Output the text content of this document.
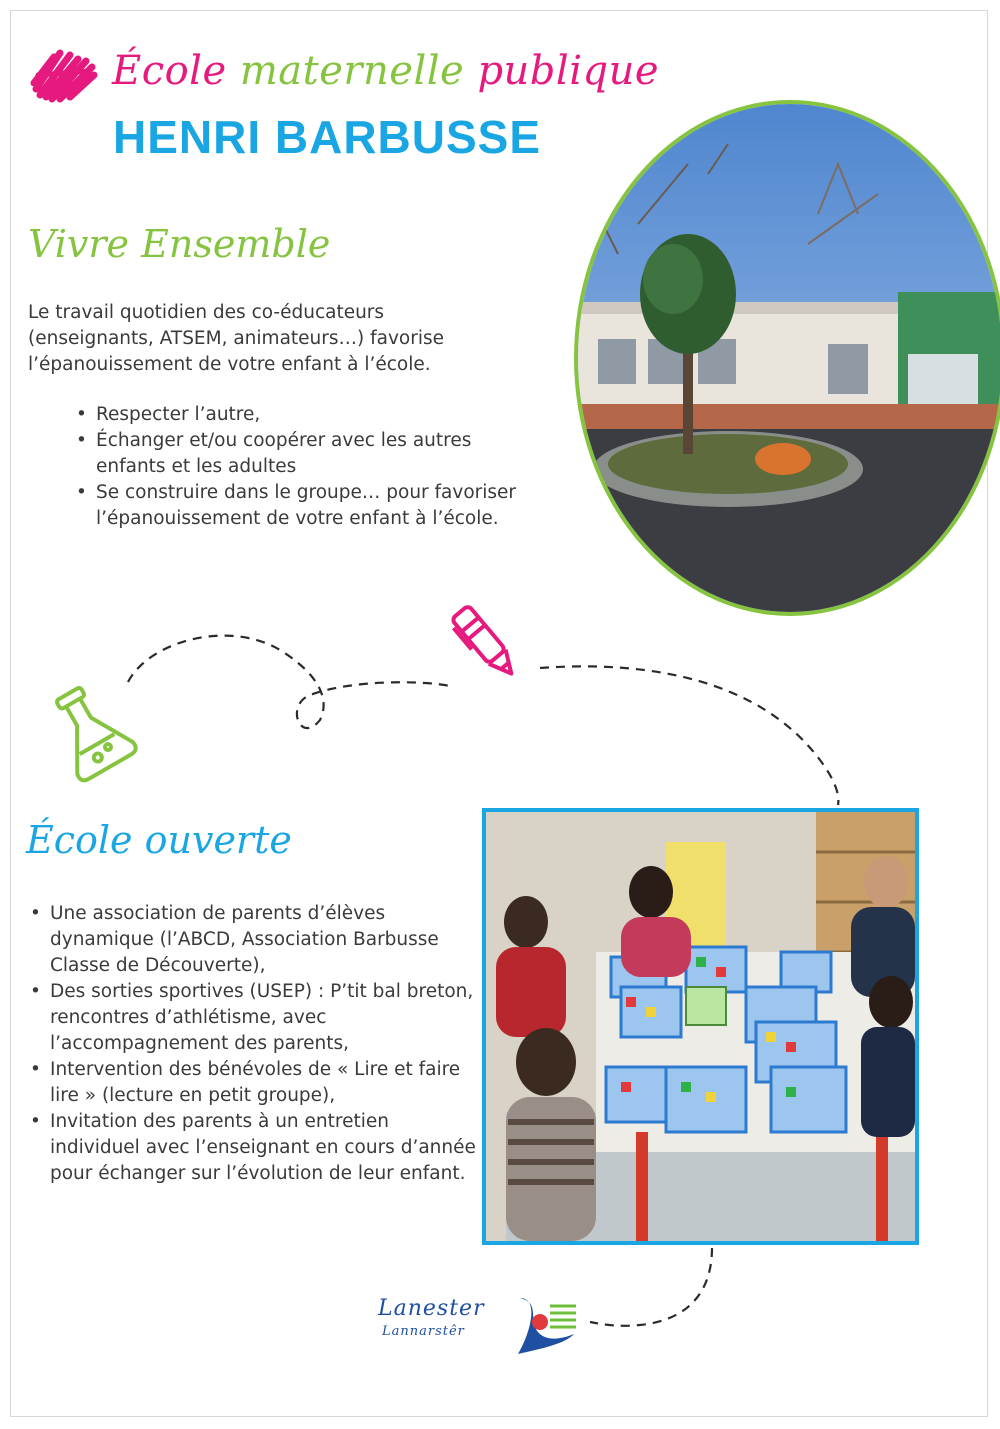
École maternelle publique
HENRI BARBUSSE
Vivre Ensemble
Le travail quotidien des co-éducateurs (enseignants, ATSEM, animateurs…) favorise l’épanouissement de votre enfant à l’école.
• Respecter l’autre,
• Échanger et/ou coopérer avec les autres enfants et les adultes
• Se construire dans le groupe… pour favoriser l’épanouissement de votre enfant à l’école.
École ouverte
• Une association de parents d’élèves dynamique (l’ABCD, Association Barbusse Classe de Découverte),
• Des sorties sportives (USEP) : P’tit bal breton, rencontres d’athlétisme, avec l’accompagnement des parents,
• Intervention des bénévoles de « Lire et faire lire » (lecture en petit groupe),
• Invitation des parents à un entretien individuel avec l’enseignant en cours d’année pour échanger sur l’évolution de leur enfant.
Lanester
Lannarstêr
